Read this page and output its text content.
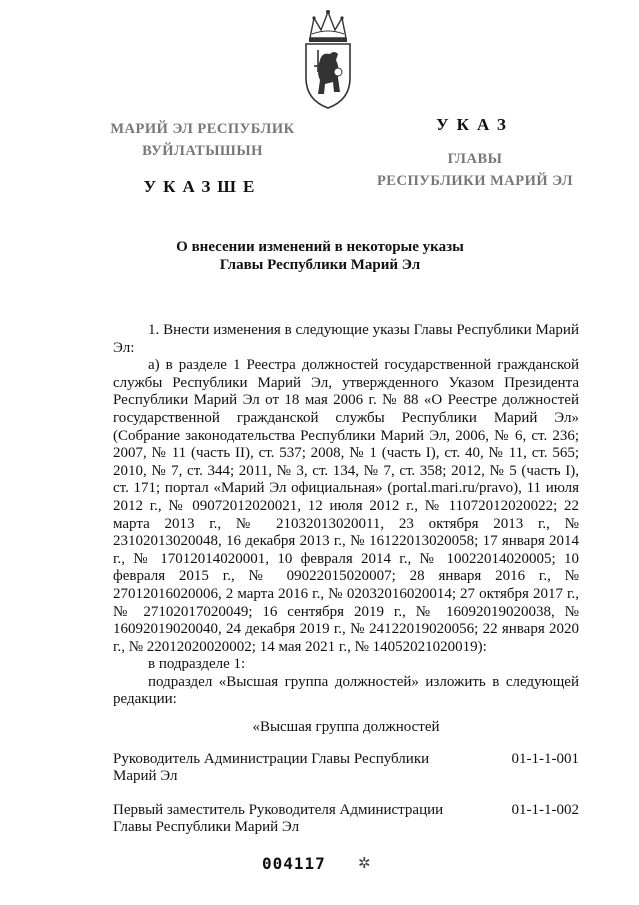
МАРИЙ ЭЛ РЕСПУБЛИК
ВУЙЛАТЫШЫН
УКАЗШЕ
УКАЗ
ГЛАВЫ
РЕСПУБЛИКИ МАРИЙ ЭЛ
О внесении изменений в некоторые указы
Главы Республики Марий Эл

1. Внести изменения в следующие указы Главы Республики Марий Эл:

а) в разделе 1 Реестра должностей государственной гражданской службы Республики Марий Эл, утвержденного Указом Президента Республики Марий Эл от 18 мая 2006 г. № 88 «О Реестре должностей государственной гражданской службы Республики Марий Эл» (Собрание законодательства Республики Марий Эл, 2006, № 6, ст. 236; 2007, № 11 (часть II), ст. 537; 2008, № 1 (часть I), ст. 40, № 11, ст. 565; 2010, № 7, ст. 344; 2011, № 3, ст. 134, № 7, ст. 358; 2012, № 5 (часть I), ст. 171; портал «Марий Эл официальная» (portal.mari.ru/pravo), 11 июля 2012 г., № 09072012020021, 12 июля 2012 г., № 11072012020022; 22 марта 2013 г., № 21032013020011, 23 октября 2013 г., № 23102013020048, 16 декабря 2013 г., № 16122013020058; 17 января 2014 г., № 17012014020001, 10 февраля 2014 г., № 10022014020005; 10 февраля 2015 г., № 09022015020007; 28 января 2016 г., № 27012016020006, 2 марта 2016 г., № 02032016020014; 27 октября 2017 г., № 27102017020049; 16 сентября 2019 г., № 16092019020038, № 16092019020040, 24 декабря 2019 г., № 24122019020056; 22 января 2020 г., № 22012020020002; 14 мая 2021 г., № 14052021020019):

в подразделе 1:

подраздел «Высшая группа должностей» изложить в следующей редакции:

«Высшая группа должностей

Руководитель Администрации Главы Республики Марий Эл
01-1-1-001
Первый заместитель Руководителя Администрации Главы Республики Марий Эл
01-1-1-002
004117 ✲
